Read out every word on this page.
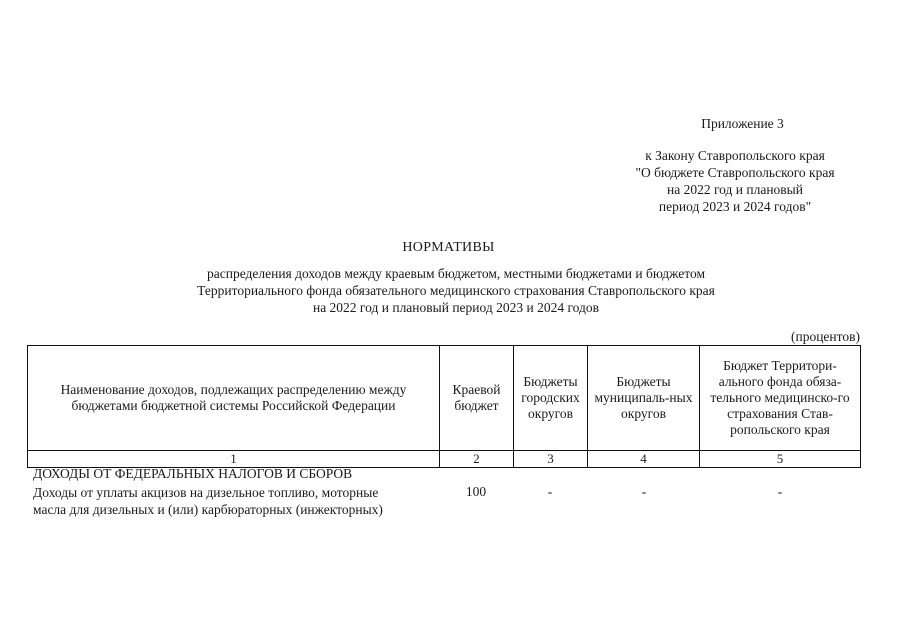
Приложение 3
к Закону Ставропольского края
"О бюджете Ставропольского края
на 2022 год и плановый
период 2023 и 2024 годов"
НОРМАТИВЫ
распределения доходов между краевым бюджетом, местными бюджетами и бюджетом
Территориального фонда обязательного медицинского страхования Ставропольского края
на 2022 год и плановый период 2023 и 2024 годов
(процентов)
Наименование доходов, подлежащих распределению между бюджетами бюджетной системы Российской Федерации	Краевой бюджет	Бюджеты городских округов	Бюджеты муниципаль-ных округов	Бюджет Территори-ального фонда обяза-тельного медицинско-го страхования Став-ропольского края
1	2	3	4	5
ДОХОДЫ ОТ ФЕДЕРАЛЬНЫХ НАЛОГОВ И СБОРОВ
Доходы от уплаты акцизов на дизельное топливо, моторные
масла для дизельных и (или) карбюраторных (инжекторных)
100	-	-	-
